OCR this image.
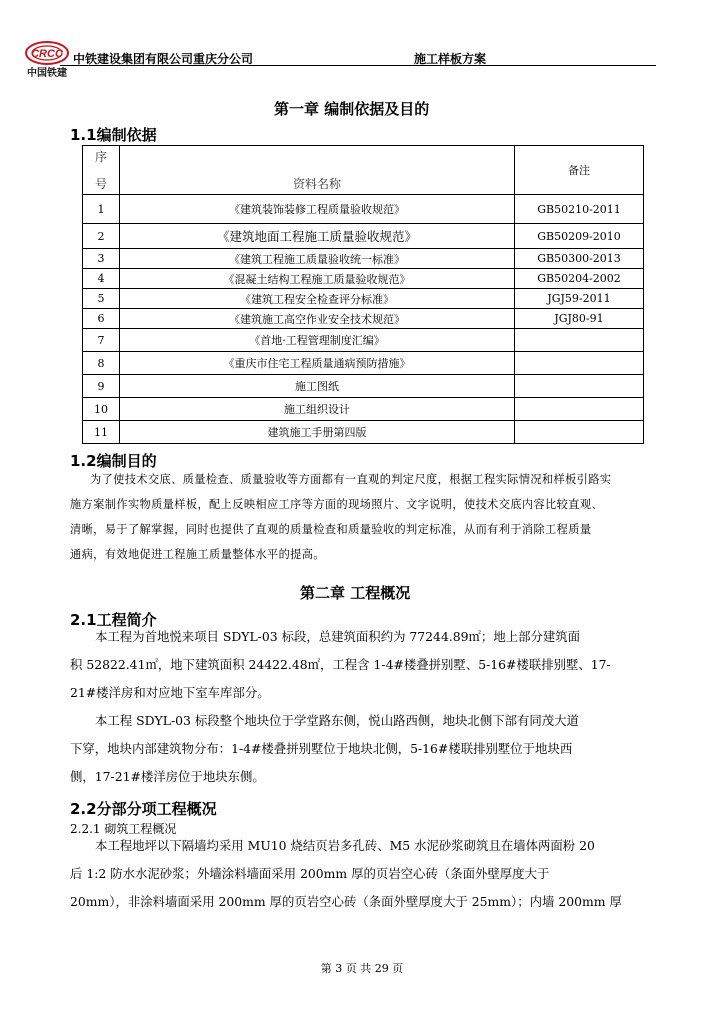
CRCC
中国铁建
中铁建设集团有限公司重庆分公司	施工样板方案
第一章 编制依据及目的
1.1编制依据
序
号	资料名称	备注
1	《建筑装饰装修工程质量验收规范》	GB50210-2011
2	《建筑地面工程施工质量验收规范》	GB50209-2010
3	《建筑工程施工质量验收统一标准》	GB50300-2013
4	《混凝土结构工程施工质量验收规范》	GB50204-2002
5	《建筑工程安全检查评分标准》	JGJ59-2011
6	《建筑施工高空作业安全技术规范》	JGJ80-91
7	《首地·工程管理制度汇编》	
8	《重庆市住宅工程质量通病预防措施》	
9	施工图纸	
10	施工组织设计	
11	建筑施工手册第四版	
1.2编制目的
为了使技术交底、质量检查、质量验收等方面都有一直观的判定尺度，根据工程实际情况和样板引路实
施方案制作实物质量样板，配上反映相应工序等方面的现场照片、文字说明，使技术交底内容比较直观、
清晰，易于了解掌握，同时也提供了直观的质量检查和质量验收的判定标准，从而有利于消除工程质量
通病，有效地促进工程施工质量整体水平的提高。
第二章 工程概况
2.1工程简介
本工程为首地悦来项目 SDYL-03 标段，总建筑面积约为 77244.89㎡；地上部分建筑面
积 52822.41㎡，地下建筑面积 24422.48㎡，工程含 1-4#楼叠拼别墅、5-16#楼联排别墅、17-
21#楼洋房和对应地下室车库部分。
本工程 SDYL-03 标段整个地块位于学堂路东侧，悦山路西侧，地块北侧下部有同茂大道
下穿，地块内部建筑物分布：1-4#楼叠拼别墅位于地块北侧，5-16#楼联排别墅位于地块西
侧，17-21#楼洋房位于地块东侧。
2.2分部分项工程概况
2.2.1 砌筑工程概况
本工程地坪以下隔墙均采用 MU10 烧结页岩多孔砖、M5 水泥砂浆砌筑且在墙体两面粉 20
后 1:2 防水水泥砂浆；外墙涂料墙面采用 200mm 厚的页岩空心砖（条面外壁厚度大于
20mm），非涂料墙面采用 200mm 厚的页岩空心砖（条面外壁厚度大于 25mm）；内墙 200mm 厚
第 3 页 共 29 页
